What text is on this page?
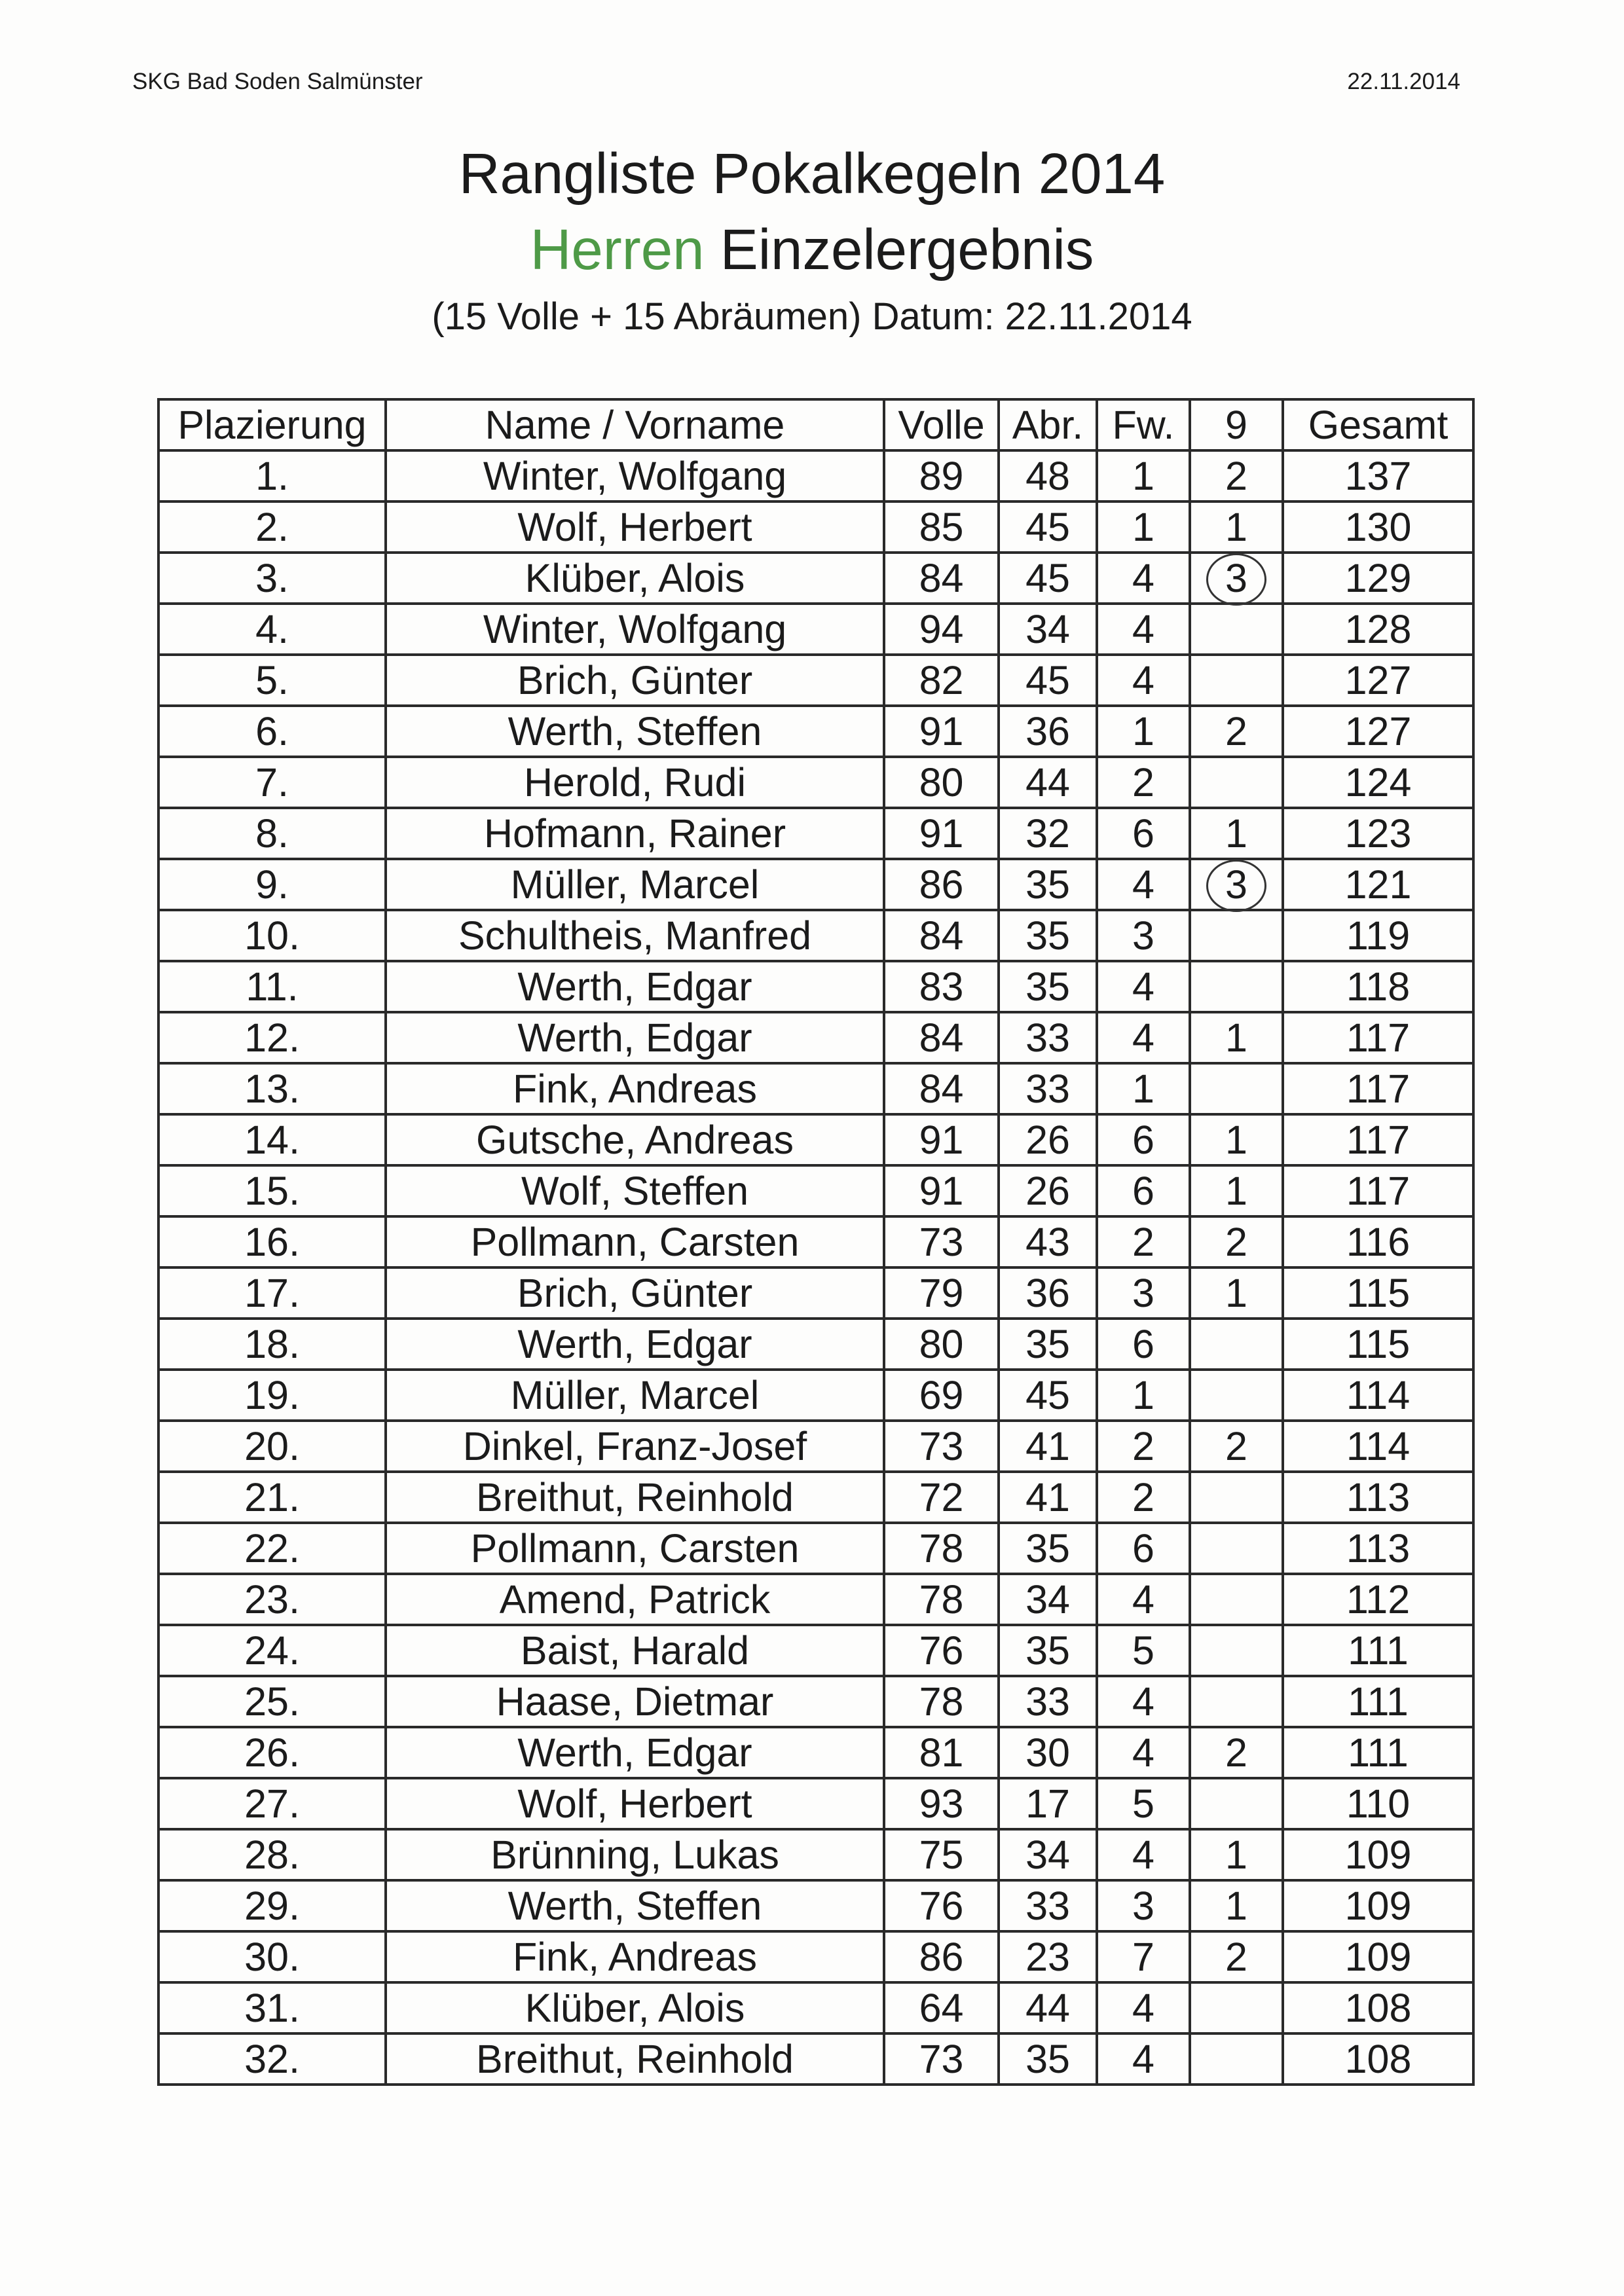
SKG Bad Soden Salmünster	22.11.2014
Rangliste Pokalkegeln 2014
Herren Einzelergebnis
(15 Volle + 15 Abräumen) Datum: 22.11.2014
Plazierung	Name / Vorname	Volle	Abr.	Fw.	9	Gesamt
1.	Winter, Wolfgang	89	48	1	2	137
2.	Wolf, Herbert	85	45	1	1	130
3.	Klüber, Alois	84	45	4	3	129
4.	Winter, Wolfgang	94	34	4		128
5.	Brich, Günter	82	45	4		127
6.	Werth, Steffen	91	36	1	2	127
7.	Herold, Rudi	80	44	2		124
8.	Hofmann, Rainer	91	32	6	1	123
9.	Müller, Marcel	86	35	4	3	121
10.	Schultheis, Manfred	84	35	3		119
11.	Werth, Edgar	83	35	4		118
12.	Werth, Edgar	84	33	4	1	117
13.	Fink, Andreas	84	33	1		117
14.	Gutsche, Andreas	91	26	6	1	117
15.	Wolf, Steffen	91	26	6	1	117
16.	Pollmann, Carsten	73	43	2	2	116
17.	Brich, Günter	79	36	3	1	115
18.	Werth, Edgar	80	35	6		115
19.	Müller, Marcel	69	45	1		114
20.	Dinkel, Franz-Josef	73	41	2	2	114
21.	Breithut, Reinhold	72	41	2		113
22.	Pollmann, Carsten	78	35	6		113
23.	Amend, Patrick	78	34	4		112
24.	Baist, Harald	76	35	5		111
25.	Haase, Dietmar	78	33	4		111
26.	Werth, Edgar	81	30	4	2	111
27.	Wolf, Herbert	93	17	5		110
28.	Brünning, Lukas	75	34	4	1	109
29.	Werth, Steffen	76	33	3	1	109
30.	Fink, Andreas	86	23	7	2	109
31.	Klüber, Alois	64	44	4		108
32.	Breithut, Reinhold	73	35	4		108
